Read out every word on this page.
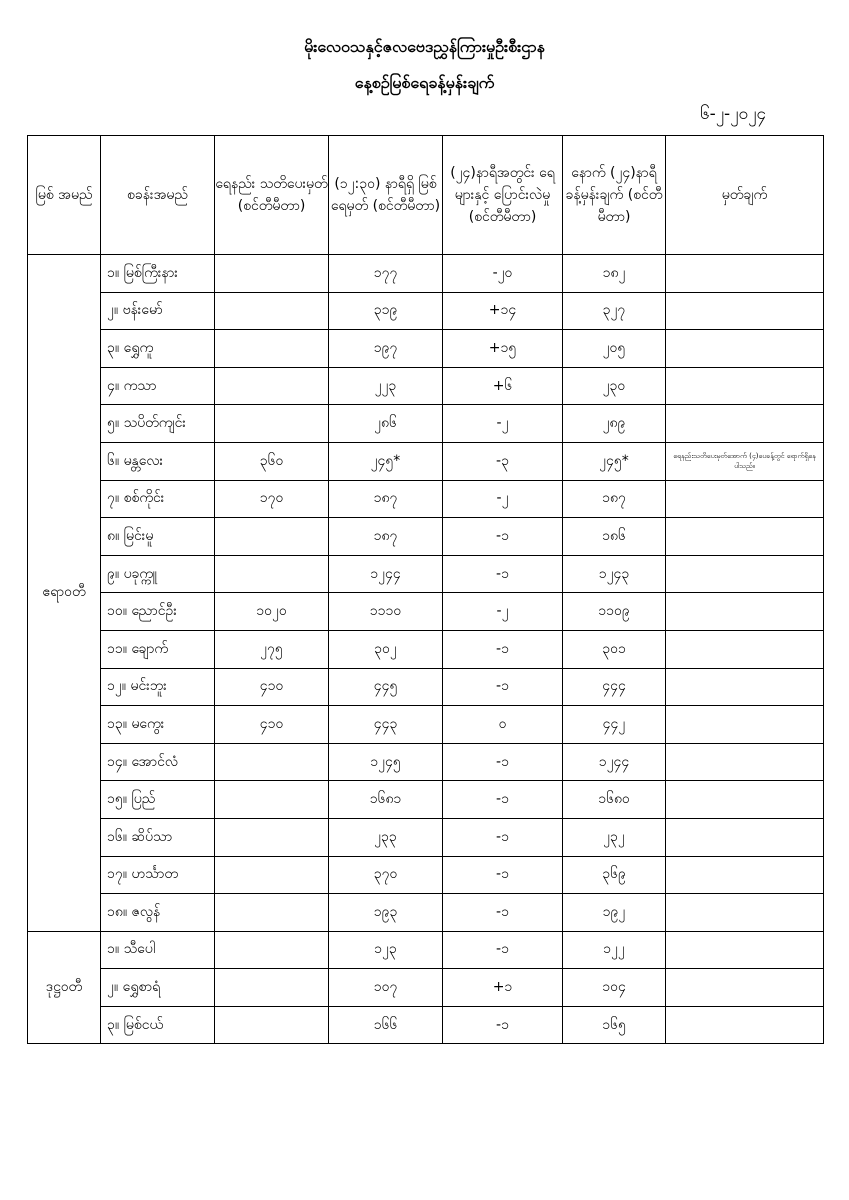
မိုးလေဝသနှင့်ဇလဗေဒညွှန်ကြားမှုဦးစီးဌာန
နေ့စဉ်မြစ်ရေခန့်မှန်းချက်
၆-၂-၂၀၂၄
မြစ် အမည်	စခန်းအမည်	ရေနည်း သတိပေးမှတ် (စင်တီမီတာ)	(၁၂:၃၀) နာရီရှိ မြစ်ရေမှတ် (စင်တီမီတာ)	(၂၄)နာရီအတွင်း ရေများနှင့် ပြောင်းလဲမှု (စင်တီမီတာ)	နောက် (၂၄)နာရီ ခန့်မှန်းချက် (စင်တီမီတာ)	မှတ်ချက်
ဧရာဝတီ	၁။ မြစ်ကြီးနား		၁၇၇	-၂၀	၁၈၂	
	၂။ ဗန်းမော်		၃၁၉	+၁၄	၃၂၇	
	၃။ ရွှေကူ		၁၉၇	+၁၅	၂၀၅	
	၄။ ကသာ		၂၂၃	+၆	၂၃၀	
	၅။ သပိတ်ကျင်း		၂၈၆	-၂	၂၈၉	
	၆။ မန္တလေး	၃၆၀	၂၄၅*	-၃	၂၄၅*	ရေနည်းသတိပေးမှတ်အောက် (၄)ပေခန့်တွင် ရောက်ရှိနေပါသည်။
	၇။ စစ်ကိုင်း	၁၇၀	၁၈၇	-၂	၁၈၇	
	၈။ မြင်းမူ		၁၈၇	-၁	၁၈၆	
	၉။ ပခုက္ကူ		၁၂၄၄	-၁	၁၂၄၃	
	၁၀။ ညောင်ဦး	၁၀၂၀	၁၁၁၀	-၂	၁၁၀၉	
	၁၁။ ချောက်	၂၇၅	၃၀၂	-၁	၃၀၁	
	၁၂။ မင်းဘူး	၄၁၀	၄၄၅	-၁	၄၄၄	
	၁၃။ မကွေး	၄၁၀	၄၄၃	၀	၄၄၂	
	၁၄။ အောင်လံ		၁၂၄၅	-၁	၁၂၄၄	
	၁၅။ ပြည်		၁၆၈၁	-၁	၁၆၈၀	
	၁၆။ ဆိပ်သာ		၂၃၃	-၁	၂၃၂	
	၁၇။ ဟင်္သာတ		၃၇၀	-၁	၃၆၉	
	၁၈။ ဇလွန်		၁၉၃	-၁	၁၉၂	
ဒုဋ္ဌဝတီ	၁။ သီပေါ		၁၂၃	-၁	၁၂၂	
	၂။ ရွှေစာရံ		၁၀၇	+၁	၁၀၄	
	၃။ မြစ်ငယ်		၁၆၆	-၁	၁၆၅	
